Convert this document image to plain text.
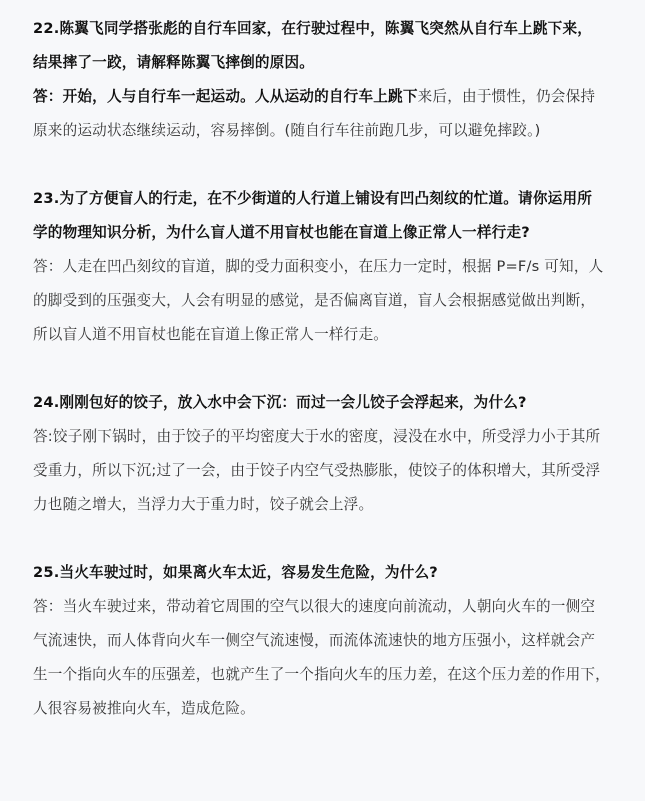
22.陈翼飞同学搭张彪的自行车回家，在行驶过程中，陈翼飞突然从自行车上跳下来，
结果摔了一跤，请解释陈翼飞摔倒的原因。
答：开始，人与自行车一起运动。人从运动的自行车上跳下来后，由于惯性，仍会保持
原来的运动状态继续运动，容易摔倒。(随自行车往前跑几步，可以避免摔跤。)
23.为了方便盲人的行走，在不少街道的人行道上铺设有凹凸刻纹的忙道。请你运用所
学的物理知识分析，为什么盲人道不用盲杖也能在盲道上像正常人一样行走?
答：人走在凹凸刻纹的盲道，脚的受力面积变小，在压力一定时，根据 P=F/s 可知，人
的脚受到的压强变大，人会有明显的感觉，是否偏离盲道，盲人会根据感觉做出判断，
所以盲人道不用盲杖也能在盲道上像正常人一样行走。
24.刚刚包好的饺子，放入水中会下沉：而过一会儿饺子会浮起来，为什么?
答:饺子刚下锅时，由于饺子的平均密度大于水的密度，浸没在水中，所受浮力小于其所
受重力，所以下沉;过了一会，由于饺子内空气受热膨胀，使饺子的体积增大，其所受浮
力也随之增大，当浮力大于重力时，饺子就会上浮。
25.当火车驶过时，如果离火车太近，容易发生危险，为什么?
答：当火车驶过来，带动着它周围的空气以很大的速度向前流动，人朝向火车的一侧空
气流速快，而人体背向火车一侧空气流速慢，而流体流速快的地方压强小，这样就会产
生一个指向火车的压强差，也就产生了一个指向火车的压力差，在这个压力差的作用下，
人很容易被推向火车，造成危险。
